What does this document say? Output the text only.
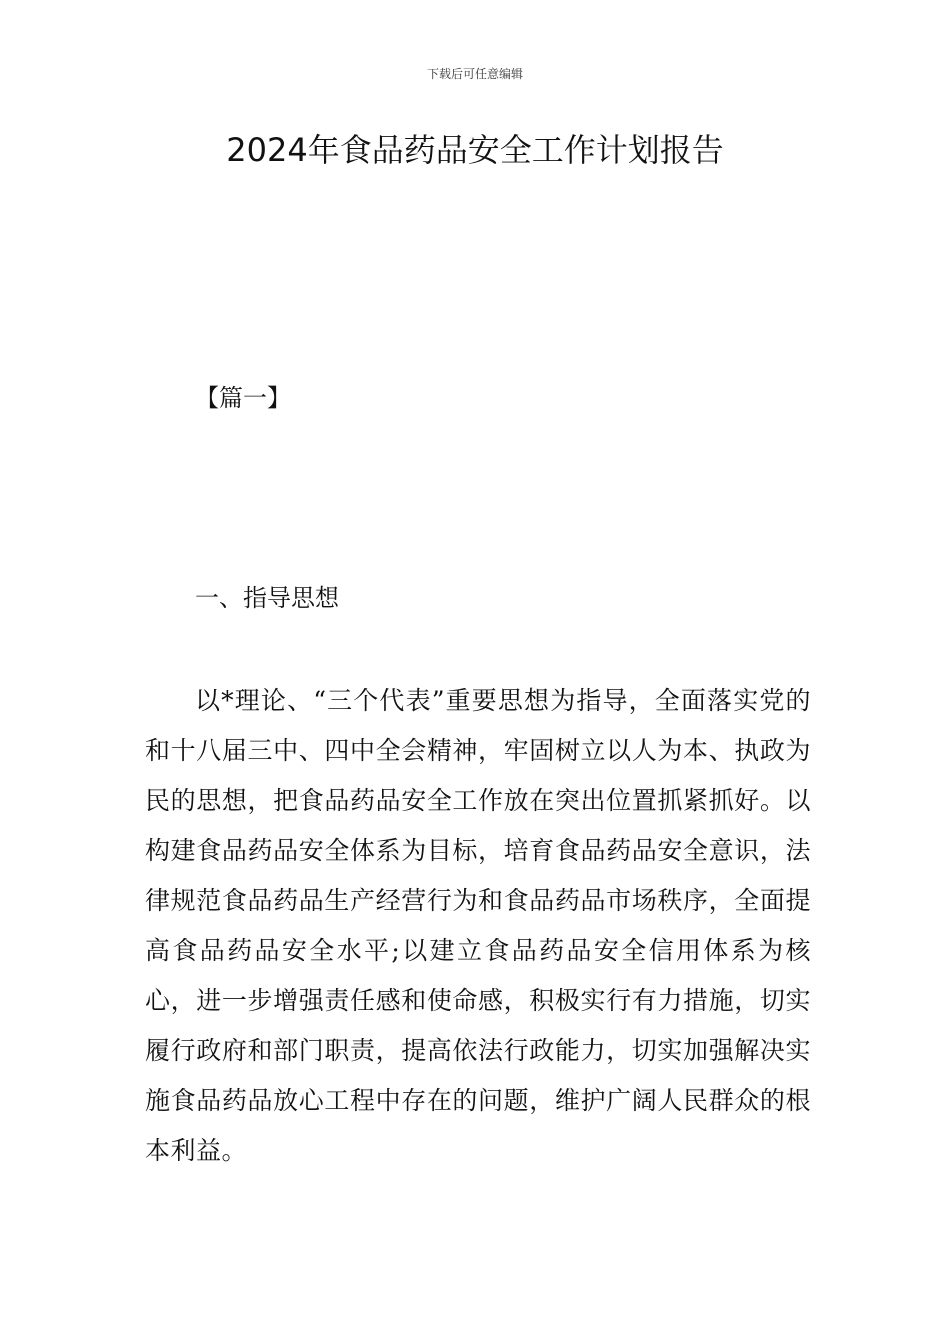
下载后可任意编辑
2024年食品药品安全工作计划报告
【篇一】
一、指导思想

以*理论、“三个代表”重要思想为指导，全面落实党的和十八届三中、四中全会精神，牢固树立以人为本、执政为民的思想，把食品药品安全工作放在突出位置抓紧抓好。以构建食品药品安全体系为目标，培育食品药品安全意识，法律规范食品药品生产经营行为和食品药品市场秩序，全面提高食品药品安全水平;以建立食品药品安全信用体系为核心，进一步增强责任感和使命感，积极实行有力措施，切实履行政府和部门职责，提高依法行政能力，切实加强解决实施食品药品放心工程中存在的问题，维护广阔人民群众的根本利益。
